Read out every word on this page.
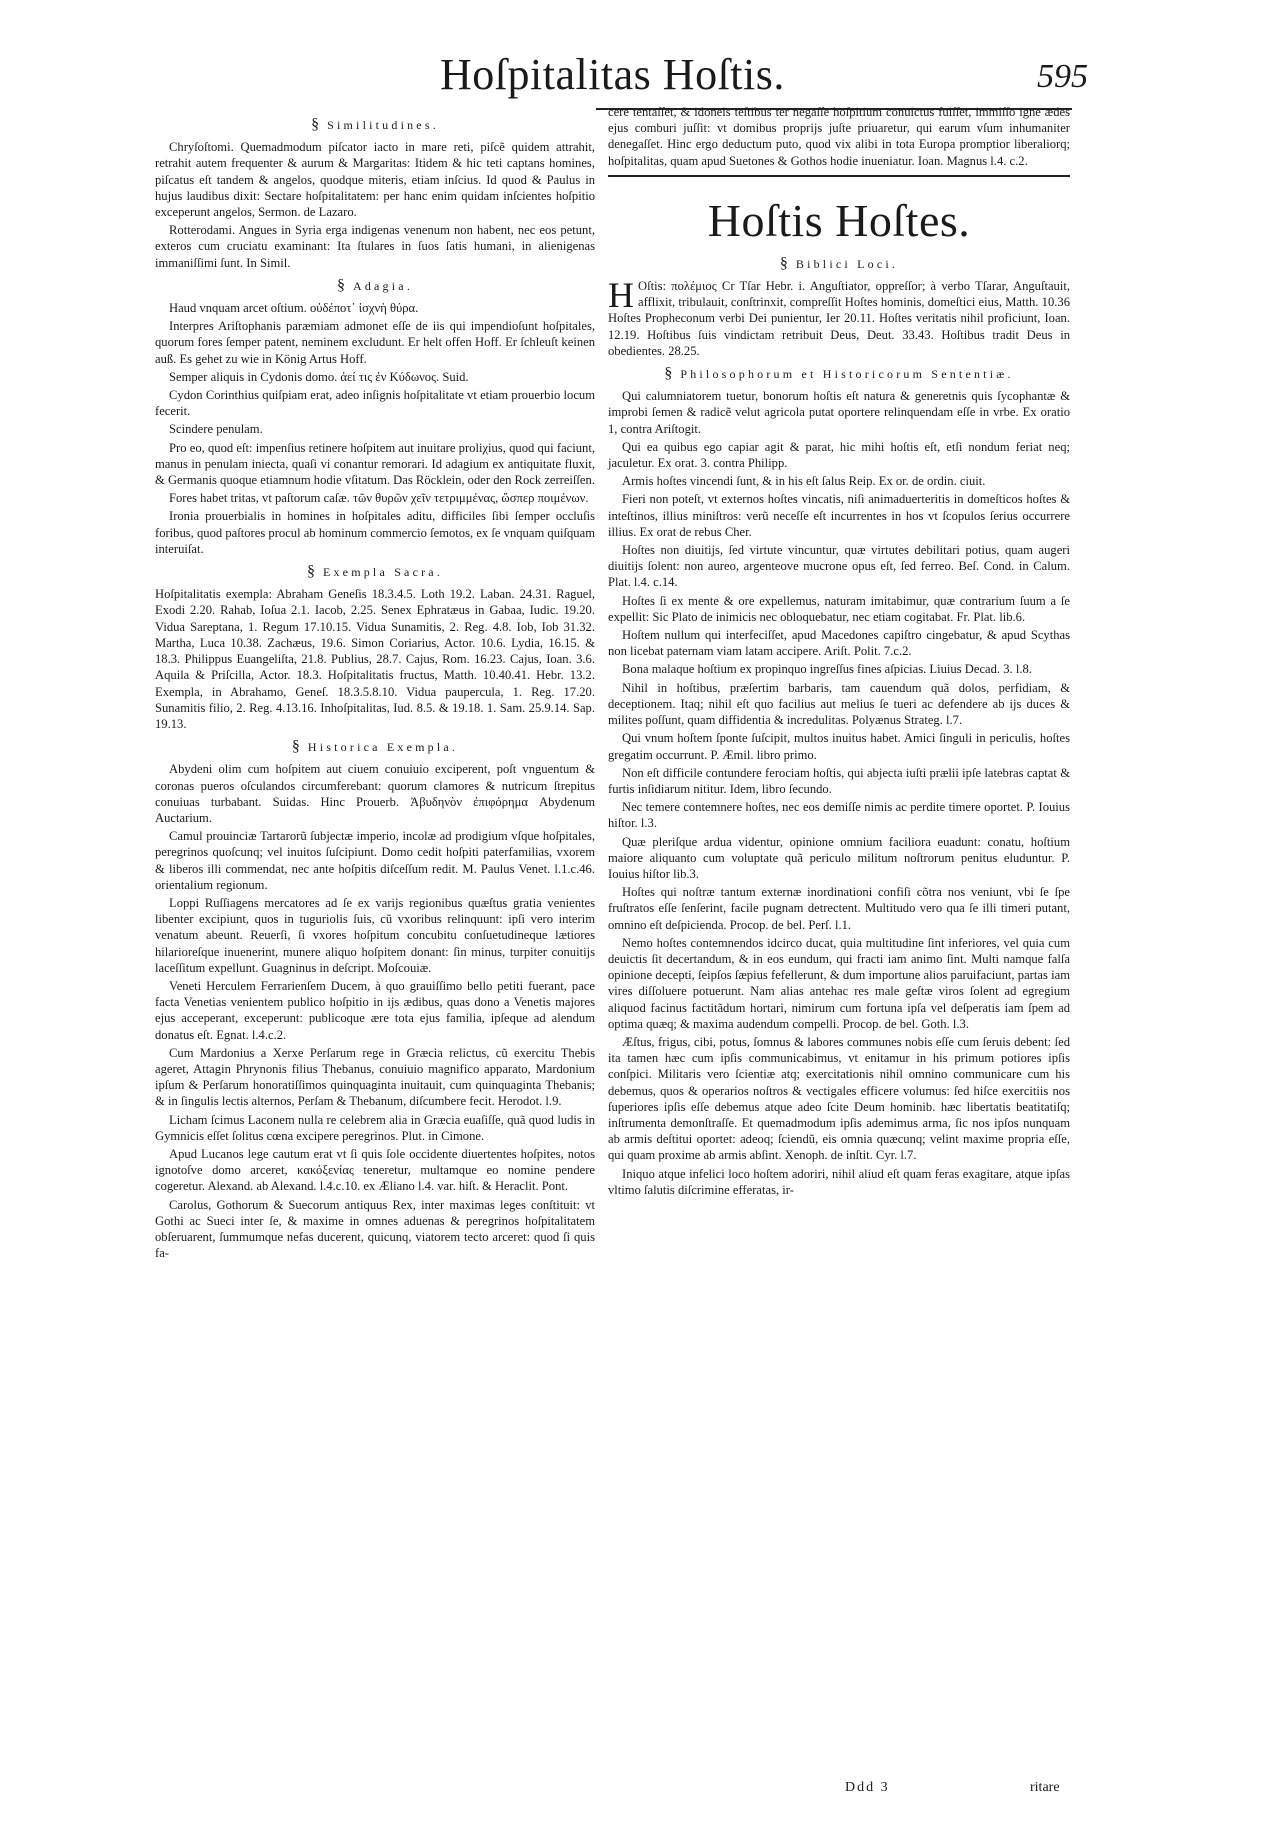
Hoſpitalitas Hoſtis.	595
§ Similitudines.

Chryſoſtomi. Quemadmodum piſcator iacto in mare reti, piſcẽ quidem attrahit, retrahit autem frequenter & aurum & Margaritas: Itidem & hic teti captans homines, piſcatus eſt tandem & angelos, quodque miteris, etiam inſcius. Id quod & Paulus in hujus laudibus dixit: Sectare hoſpitalitatem: per hanc enim quidam inſcientes hoſpitio exceperunt angelos, Sermon. de Lazaro.

Rotterodami. Angues in Syria erga indigenas venenum non habent, nec eos petunt, exteros cum cruciatu examinant: Ita ſtulares in ſuos ſatis humani, in alienigenas immaniſſimi ſunt. In Simil.

§ Adagia.

Haud vnquam arcet oſtium. οὐδέποτ᾽ ἰσχνὴ θύρα.

Interpres Ariſtophanis paræmiam admonet eſſe de iis qui impendioſunt hoſpitales, quorum fores ſemper patent, neminem excludunt. Er helt offen Hoff. Er ſchleuſt keinen auß. Es gehet zu wie in König Artus Hoff.

Semper aliquis in Cydonis domo. ἀεί τις ἐν Κύδωνος. Suid.

Cydon Corinthius quiſpiam erat, adeo inſignis hoſpitalitate vt etiam prouerbio locum fecerit.

Scindere penulam.

Pro eo, quod eſt: impenſius retinere hoſpitem aut inuitare proliχius, quod qui faciunt, manus in penulam iniecta, quaſi vi conantur remorari. Id adagium ex antiquitate fluxit, & Germanis quoque etiamnum hodie vſitatum. Das Röcklein, oder den Rock zerreiſſen.

Fores habet tritas, vt paſtorum caſæ. τῶν θυρῶν χεῖν τετριμμένας, ὥσπερ ποιμένων.

Ironia prouerbialis in homines in hoſpitales aditu, difficiles ſibi ſemper occluſis foribus, quod paſtores procul ab hominum commercio ſemotos, ex ſe vnquam quiſquam interuiſat.

§ Exempla Sacra.

Hoſpitalitatis exempla: Abraham Geneſis 18.3.4.5. Loth 19.2. Laban. 24.31. Raguel, Exodi 2.20. Rahab, Ioſua 2.1. Iacob, 2.25. Senex Ephratæus in Gabaa, Iudic. 19.20. Vidua Sareptana, 1. Regum 17.10.15. Vidua Sunamitis, 2. Reg. 4.8. Iob, Iob 31.32. Martha, Luca 10.38. Zachæus, 19.6. Simon Coriarius, Actor. 10.6. Lydia, 16.15. & 18.3. Philippus Euangeliſta, 21.8. Publius, 28.7. Cajus, Rom. 16.23. Cajus, Ioan. 3.6. Aquila & Priſcilla, Actor. 18.3. Hoſpitalitatis fructus, Matth. 10.40.41. Hebr. 13.2. Exempla, in Abrahamo, Geneſ. 18.3.5.8.10. Vidua paupercula, 1. Reg. 17.20. Sunamitis filio, 2. Reg. 4.13.16. Inhoſpitalitas, Iud. 8.5. & 19.18. 1. Sam. 25.9.14. Sap. 19.13.

§ Historica Exempla.

Abydeni olim cum hoſpitem aut ciuem conuiuio exciperent, poſt vnguentum & coronas pueros oſculandos circumferebant: quorum clamores & nutricum ſtrepitus conuiuas turbabant. Suidas. Hinc Prouerb. Ἀβυδηνὸν ἐπιφόρημα Abydenum Auctarium.

Camul prouinciæ Tartarorũ ſubjectæ imperio, incolæ ad prodigium vſque hoſpitales, peregrinos quoſcunq; vel inuitos ſuſcipiunt. Domo cedit hoſpiti paterfamilias, vxorem & liberos illi commendat, nec ante hoſpitis diſceſſum redit. M. Paulus Venet. l.1.c.46. orientalium regionum.

Loppi Ruſſiagens mercatores ad ſe ex varijs regionibus quæſtus gratia venientes libenter excipiunt, quos in tuguriolis ſuis, cũ vxoribus relinquunt: ipſi vero interim venatum abeunt. Reuerſi, ſi vxores hoſpitum concubitu conſuetudineque lætiores hilarioreſque inuenerint, munere aliquo hoſpitem donant: ſin minus, turpiter conuitijs laceſſitum expellunt. Guagninus in deſcript. Moſcouiæ.

Veneti Herculem Ferrarienſem Ducem, à quo grauiſſimo bello petiti fuerant, pace facta Venetias venientem publico hoſpitio in ijs ædibus, quas dono a Venetis majores ejus acceperant, exceperunt: publicoque ære tota ejus familia, ipſeque ad alendum donatus eſt. Egnat. l.4.c.2.

Cum Mardonius a Xerxe Perſarum rege in Græcia relictus, cũ exercitu Thebis ageret, Attagin Phrynonis filius Thebanus, conuiuio magnifico apparato, Mardonium ipſum & Perſarum honoratiſſimos quinquaginta inuitauit, cum quinquaginta Thebanis; & in ſingulis lectis alternos, Perſam & Thebanum, diſcumbere fecit. Herodot. l.9.

Licham ſcimus Laconem nulla re celebrem alia in Græcia euaſiſſe, quã quod ludis in Gymnicis eſſet ſolitus cœna excipere peregrinos. Plut. in Cimone.

Apud Lucanos lege cautum erat vt ſi quis ſole occidente diuertentes hoſpites, notos ignotoſve domo arceret, κακόξενίας teneretur, multamque eo nomine pendere cogeretur. Alexand. ab Alexand. l.4.c.10. ex Æliano l.4. var. hiſt. & Heraclit. Pont.

Carolus, Gothorum & Suecorum antiquus Rex, inter maximas leges conſtituit: vt Gothi ac Sueci inter ſe, & maxime in omnes aduenas & peregrinos hoſpitalitatem obſeruarent, ſummumque nefas ducerent, quicunq, viatorem tecto arceret: quod ſi quis fa-

cere tentaſſet, & idoneis teſtibus ter negaſſe hoſpitium conuictus fuiſſet, immiſſo igne ædes ejus comburi juſſit: vt domibus proprijs juſte priuaretur, qui earum vſum inhumaniter denegaſſet. Hinc ergo deductum puto, quod vix alibi in tota Europa promptior liberaliorq; hoſpitalitas, quam apud Suetones & Gothos hodie inueniatur. Ioan. Magnus l.4. c.2.

Hoſtis Hoſtes.
§ Biblici Loci.

H Oſtis: πολέμιος Cr Tſar Hebr. i. Anguſtiator, oppreſſor; à verbo Tſarar, Anguſtauit, afflixit, tribulauit, conſtrinxit, compreſſit Hoſtes hominis, domeſtici eius, Matth. 10.36 Hoſtes Propheconum verbi Dei punientur, Ier 20.11. Hoſtes veritatis nihil proficiunt, Ioan. 12.19. Hoſtibus ſuis vindictam retribuit Deus, Deut. 33.43. Hoſtibus tradit Deus in obedientes. 28.25.

§ Philosophorum et Historicorum Sententiæ.

Qui calumniatorem tuetur, bonorum hoſtis eſt natura & generetnis quis ſycophantæ & improbi ſemen & radicẽ velut agricola putat oportere relinquendam eſſe in vrbe. Ex oratio 1, contra Ariſtogit.

Qui ea quibus ego capiar agit & parat, hic mihi hoſtis eſt, etſi nondum feriat neq; jaculetur. Ex orat. 3. contra Philipp.

Armis hoſtes vincendi ſunt, & in his eſt ſalus Reip. Ex or. de ordin. ciuit.

Fieri non poteſt, vt externos hoſtes vincatis, niſi animaduerteritis in domeſticos hoſtes & inteſtinos, illius miniſtros: verũ neceſſe eſt incurrentes in hos vt ſcopulos ſerius occurrere illius. Ex orat de rebus Cher.

Hoſtes non diuitijs, ſed virtute vincuntur, quæ virtutes debilitari potius, quam augeri diuitijs ſolent: non aureo, argenteove mucrone opus eſt, ſed ferreo. Beſ. Cond. in Calum. Plat. l.4. c.14.

Hoſtes ſi ex mente & ore expellemus, naturam imitabimur, quæ contrarium ſuum a ſe expellit: Sic Plato de inimicis nec obloquebatur, nec etiam cogitabat. Fr. Plat. lib.6.

Hoſtem nullum qui interfeciſſet, apud Macedones capiſtro cingebatur, & apud Scythas non licebat paternam viam latam accipere. Ariſt. Polit. 7.c.2.

Bona malaque hoſtium ex propinquo ingreſſus fines aſpicias. Liuius Decad. 3. l.8.

Nihil in hoſtibus, præſertim barbaris, tam cauendum quã dolos, perfidiam, & deceptionem. Itaq; nihil eſt quo facilius aut melius ſe tueri ac defendere ab ijs duces & milites poſſunt, quam diffidentia & incredulitas. Polyænus Strateg. l.7.

Qui vnum hoſtem ſponte ſuſcipit, multos inuitus habet. Amici ſinguli in periculis, hoſtes gregatim occurrunt. P. Æmil. libro primo.

Non eſt difficile contundere ferociam hoſtis, qui abjecta iuſti prælii ipſe latebras captat & furtis inſidiarum nititur. Idem, libro ſecundo.

Nec temere contemnere hoſtes, nec eos demiſſe nimis ac perdite timere oportet. P. Iouius hiſtor. l.3.

Quæ pleriſque ardua videntur, opinione omnium faciliora euadunt: conatu, hoſtium maiore aliquanto cum voluptate quã periculo militum noſtrorum penitus eluduntur. P. Iouius hiſtor lib.3.

Hoſtes qui noſtræ tantum externæ inordinationi confiſi cõtra nos veniunt, vbi ſe ſpe fruſtratos eſſe ſenſerint, facile pugnam detrectent. Multitudo vero qua ſe illi timeri putant, omnino eſt deſpicienda. Procop. de bel. Perſ. l.1.

Nemo hoſtes contemnendos idcirco ducat, quia multitudine ſint inferiores, vel quia cum deuictis ſit decertandum, & in eos eundum, qui fracti iam animo ſint. Multi namque falſa opinione decepti, ſeipſos ſæpius fefellerunt, & dum importune alios paruifaciunt, partas iam vires diſſoluere potuerunt. Nam alias antehac res male geſtæ viros ſolent ad egregium aliquod facinus factitãdum hortari, nimirum cum fortuna ipſa vel deſperatis iam ſpem ad optima quæq; & maxima audendum compelli. Procop. de bel. Goth. l.3.

Æſtus, frigus, cibi, potus, ſomnus & labores communes nobis eſſe cum ſeruis debent: ſed ita tamen hæc cum ipſis communicabimus, vt enitamur in his primum potiores ipſis conſpici. Militaris vero ſcientiæ atq; exercitationis nihil omnino communicare cum his debemus, quos & operarios noſtros & vectigales efficere volumus: ſed hiſce exercitiis nos ſuperiores ipſis eſſe debemus atque adeo ſcite Deum hominib. hæc libertatis beatitatiſq; inſtrumenta demonſtraſſe. Et quemadmodum ipſis ademimus arma, ſic nos ipſos nunquam ab armis deſtitui oportet: adeoq; ſciendũ, eis omnia quæcunq; velint maxime propria eſſe, qui quam proxime ab armis abſint. Xenoph. de inſtit. Cyr. l.7.

Iniquo atque infelici loco hoſtem adoriri, nihil aliud eſt quam feras exagitare, atque ipſas vltimo ſalutis diſcrimine efferatas, ir-

Ddd 3	ritare
